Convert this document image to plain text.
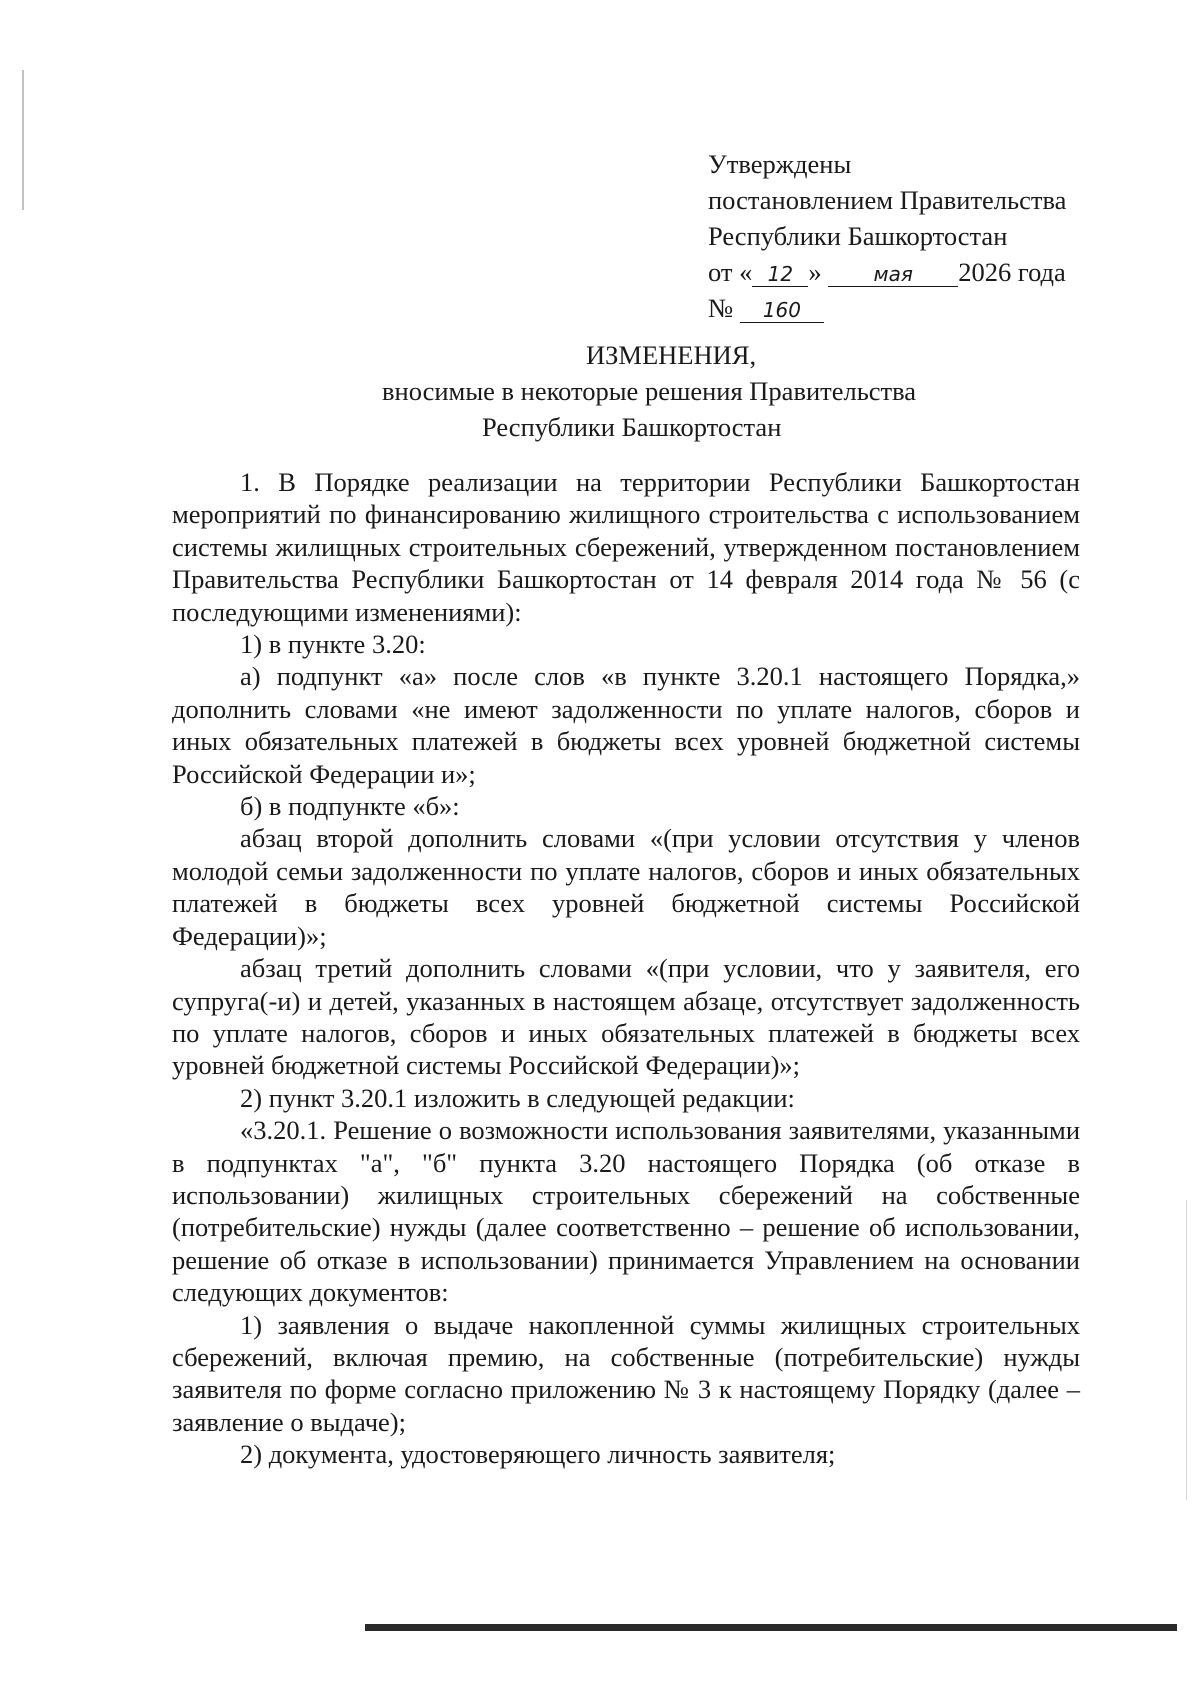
Утверждены
постановлением Правительства
Республики Башкортостан
от « 12 »	мая 2026 года
№ 160
ИЗМЕНЕНИЯ,
вносимые в некоторые решения Правительства
Республики Башкортостан

1. В Порядке реализации на территории Республики Башкортостан мероприятий по финансированию жилищного строительства с использованием системы жилищных строительных сбережений, утвержденном постановлением Правительства Республики Башкортостан от 14 февраля 2014 года № 56 (с последующими изменениями):

1) в пункте 3.20:

а) подпункт «а» после слов «в пункте 3.20.1 настоящего Порядка,» дополнить словами «не имеют задолженности по уплате налогов, сборов и иных обязательных платежей в бюджеты всех уровней бюджетной системы Российской Федерации и»;

б) в подпункте «б»:

абзац второй дополнить словами «(при условии отсутствия у членов молодой семьи задолженности по уплате налогов, сборов и иных обязательных платежей в бюджеты всех уровней бюджетной системы Российской Федерации)»;

абзац третий дополнить словами «(при условии, что у заявителя, его супруга(-и) и детей, указанных в настоящем абзаце, отсутствует задолженность по уплате налогов, сборов и иных обязательных платежей в бюджеты всех уровней бюджетной системы Российской Федерации)»;

2) пункт 3.20.1 изложить в следующей редакции:

«3.20.1. Решение о возможности использования заявителями, указанными в подпунктах "а", "б" пункта 3.20 настоящего Порядка (об отказе в использовании) жилищных строительных сбережений на собственные (потребительские) нужды (далее соответственно – решение об использовании, решение об отказе в использовании) принимается Управлением на основании следующих документов:

1) заявления о выдаче накопленной суммы жилищных строительных сбережений, включая премию, на собственные (потребительские) нужды заявителя по форме согласно приложению № 3 к настоящему Порядку (далее – заявление о выдаче);

2) документа, удостоверяющего личность заявителя;
